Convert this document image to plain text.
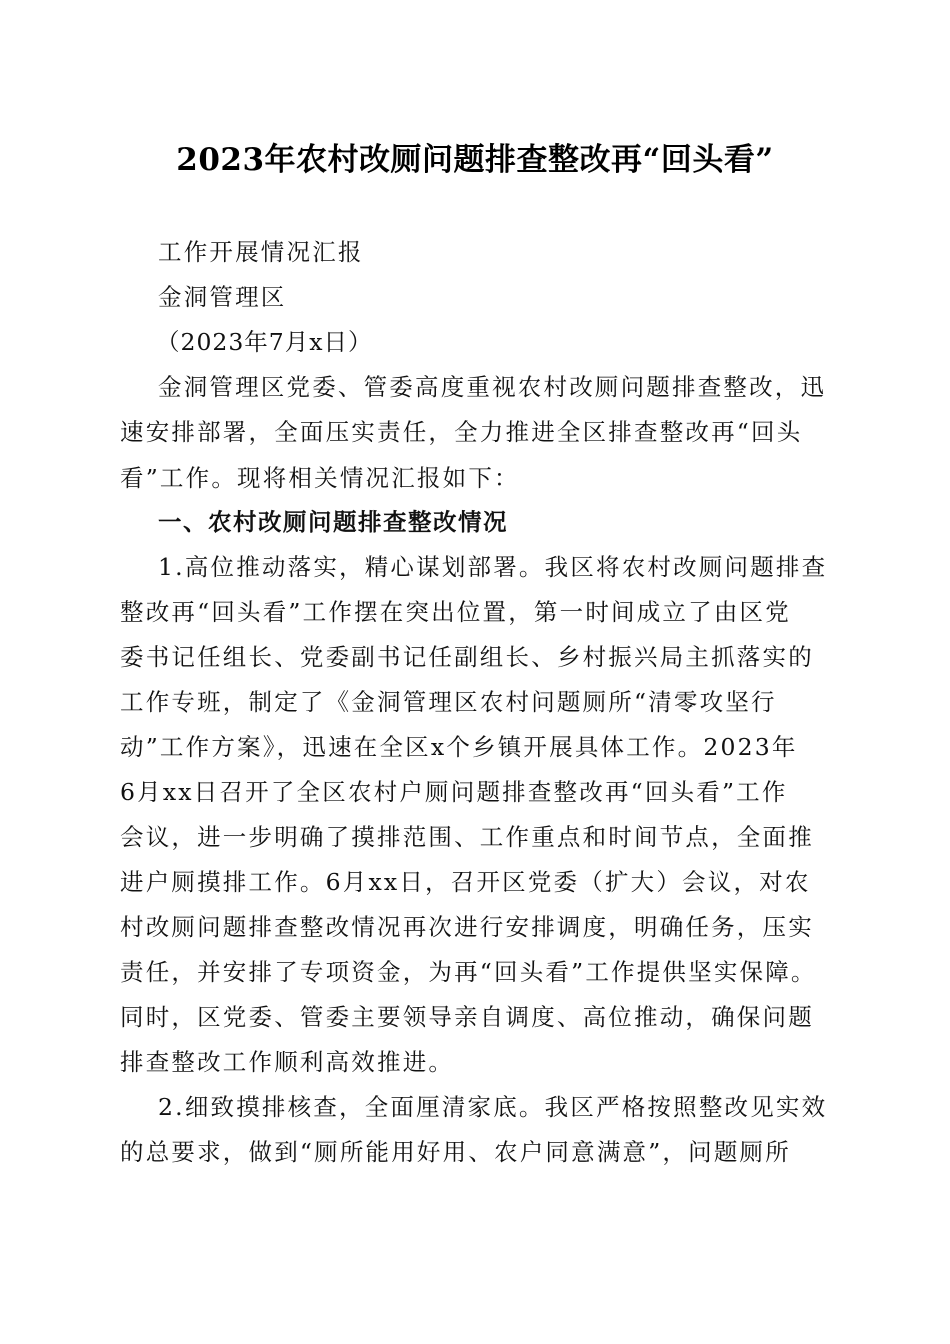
2023年农村改厕问题排查整改再“回头看”
工作开展情况汇报
金洞管理区
（2023年7月x日）
金洞管理区党委、管委高度重视农村改厕问题排查整改，迅
速安排部署，全面压实责任，全力推进全区排查整改再“回头
看”工作。现将相关情况汇报如下：
一、农村改厕问题排查整改情况
1.高位推动落实，精心谋划部署。我区将农村改厕问题排查
整改再“回头看”工作摆在突出位置，第一时间成立了由区党
委书记任组长、党委副书记任副组长、乡村振兴局主抓落实的
工作专班，制定了《金洞管理区农村问题厕所“清零攻坚行
动”工作方案》，迅速在全区x个乡镇开展具体工作。2023年
6月xx日召开了全区农村户厕问题排查整改再“回头看”工作
会议，进一步明确了摸排范围、工作重点和时间节点，全面推
进户厕摸排工作。6月xx日，召开区党委（扩大）会议，对农
村改厕问题排查整改情况再次进行安排调度，明确任务，压实
责任，并安排了专项资金，为再“回头看”工作提供坚实保障。
同时，区党委、管委主要领导亲自调度、高位推动，确保问题
排查整改工作顺利高效推进。
2.细致摸排核查，全面厘清家底。我区严格按照整改见实效
的总要求，做到“厕所能用好用、农户同意满意”，问题厕所
